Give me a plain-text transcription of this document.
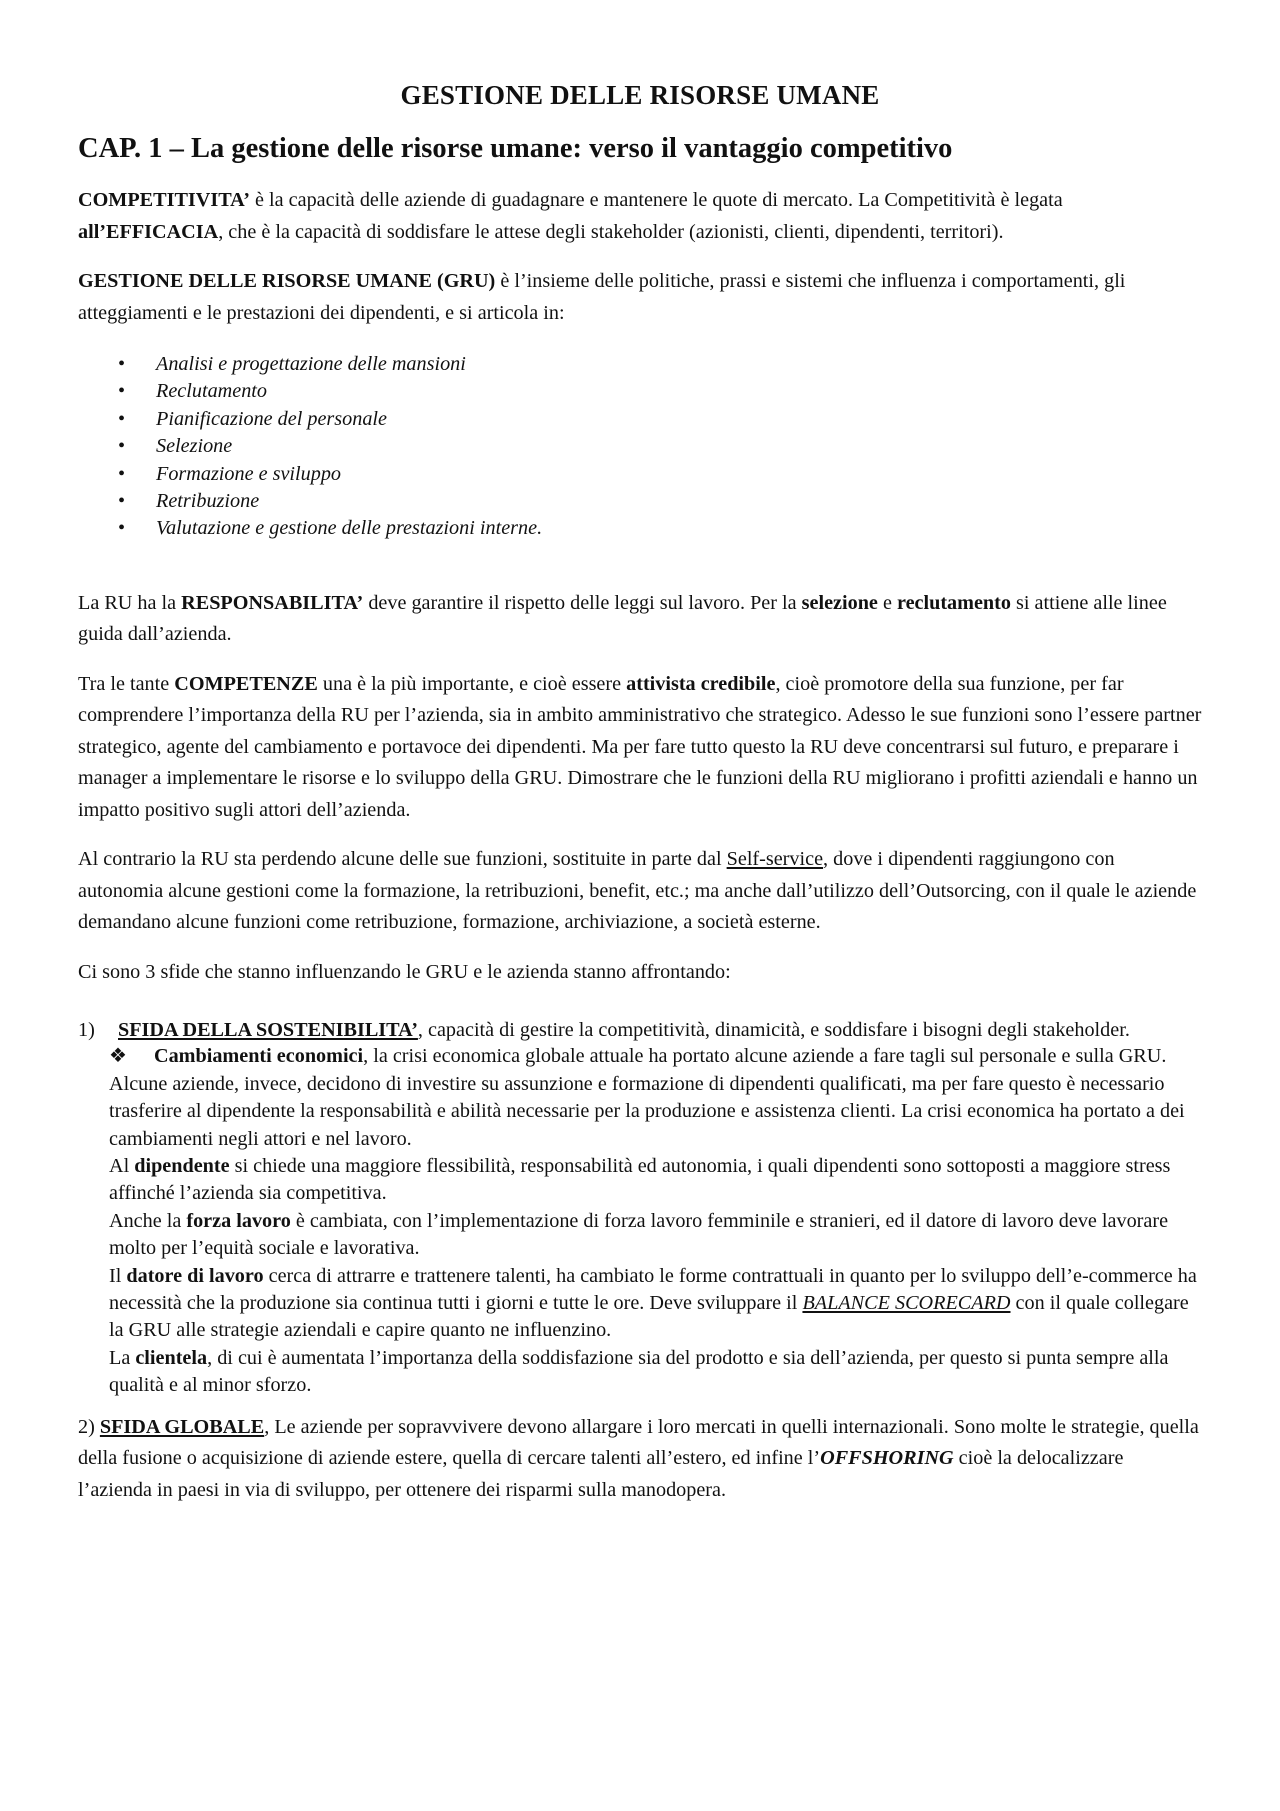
GESTIONE DELLE RISORSE UMANE
CAP. 1 – La gestione delle risorse umane: verso il vantaggio competitivo

COMPETITIVITA’ è la capacità delle aziende di guadagnare e mantenere le quote di mercato. La Competitività è legata all’EFFICACIA, che è la capacità di soddisfare le attese degli stakeholder (azionisti, clienti, dipendenti, territori).

GESTIONE DELLE RISORSE UMANE (GRU) è l’insieme delle politiche, prassi e sistemi che influenza i comportamenti, gli atteggiamenti e le prestazioni dei dipendenti, e si articola in:

•	Analisi e progettazione delle mansioni
•	Reclutamento
•	Pianificazione del personale
•	Selezione
•	Formazione e sviluppo
•	Retribuzione
•	Valutazione e gestione delle prestazioni interne.

La RU ha la RESPONSABILITA’ deve garantire il rispetto delle leggi sul lavoro. Per la selezione e reclutamento si attiene alle linee guida dall’azienda.

Tra le tante COMPETENZE una è la più importante, e cioè essere attivista credibile, cioè promotore della sua funzione, per far comprendere l’importanza della RU per l’azienda, sia in ambito amministrativo che strategico. Adesso le sue funzioni sono l’essere partner strategico, agente del cambiamento e portavoce dei dipendenti. Ma per fare tutto questo la RU deve concentrarsi sul futuro, e preparare i manager a implementare le risorse e lo sviluppo della GRU. Dimostrare che le funzioni della RU migliorano i profitti aziendali e hanno un impatto positivo sugli attori dell’azienda.

Al contrario la RU sta perdendo alcune delle sue funzioni, sostituite in parte dal Self-service, dove i dipendenti raggiungono con autonomia alcune gestioni come la formazione, la retribuzioni, benefit, etc.; ma anche dall’utilizzo dell’Outsorcing, con il quale le aziende demandano alcune funzioni come retribuzione, formazione, archiviazione, a società esterne.

Ci sono 3 sfide che stanno influenzando le GRU e le azienda stanno affrontando:

1)	SFIDA DELLA SOSTENIBILITA’, capacità di gestire la competitività, dinamicità, e soddisfare i bisogni degli stakeholder.
❖ Cambiamenti economici, la crisi economica globale attuale ha portato alcune aziende a fare tagli sul personale e sulla GRU. Alcune aziende, invece, decidono di investire su assunzione e formazione di dipendenti qualificati, ma per fare questo è necessario trasferire al dipendente la responsabilità e abilità necessarie per la produzione e assistenza clienti. La crisi economica ha portato a dei cambiamenti negli attori e nel lavoro.
Al dipendente si chiede una maggiore flessibilità, responsabilità ed autonomia, i quali dipendenti sono sottoposti a maggiore stress affinché l’azienda sia competitiva.
Anche la forza lavoro è cambiata, con l’implementazione di forza lavoro femminile e stranieri, ed il datore di lavoro deve lavorare molto per l’equità sociale e lavorativa.
Il datore di lavoro cerca di attrarre e trattenere talenti, ha cambiato le forme contrattuali in quanto per lo sviluppo dell’e-commerce ha necessità che la produzione sia continua tutti i giorni e tutte le ore. Deve sviluppare il BALANCE SCORECARD con il quale collegare la GRU alle strategie aziendali e capire quanto ne influenzino.
La clientela, di cui è aumentata l’importanza della soddisfazione sia del prodotto e sia dell’azienda, per questo si punta sempre alla qualità e al minor sforzo.

2) SFIDA GLOBALE, Le aziende per sopravvivere devono allargare i loro mercati in quelli internazionali. Sono molte le strategie, quella della fusione o acquisizione di aziende estere, quella di cercare talenti all’estero, ed infine l’OFFSHORING cioè la delocalizzare l’azienda in paesi in via di sviluppo, per ottenere dei risparmi sulla manodopera.
